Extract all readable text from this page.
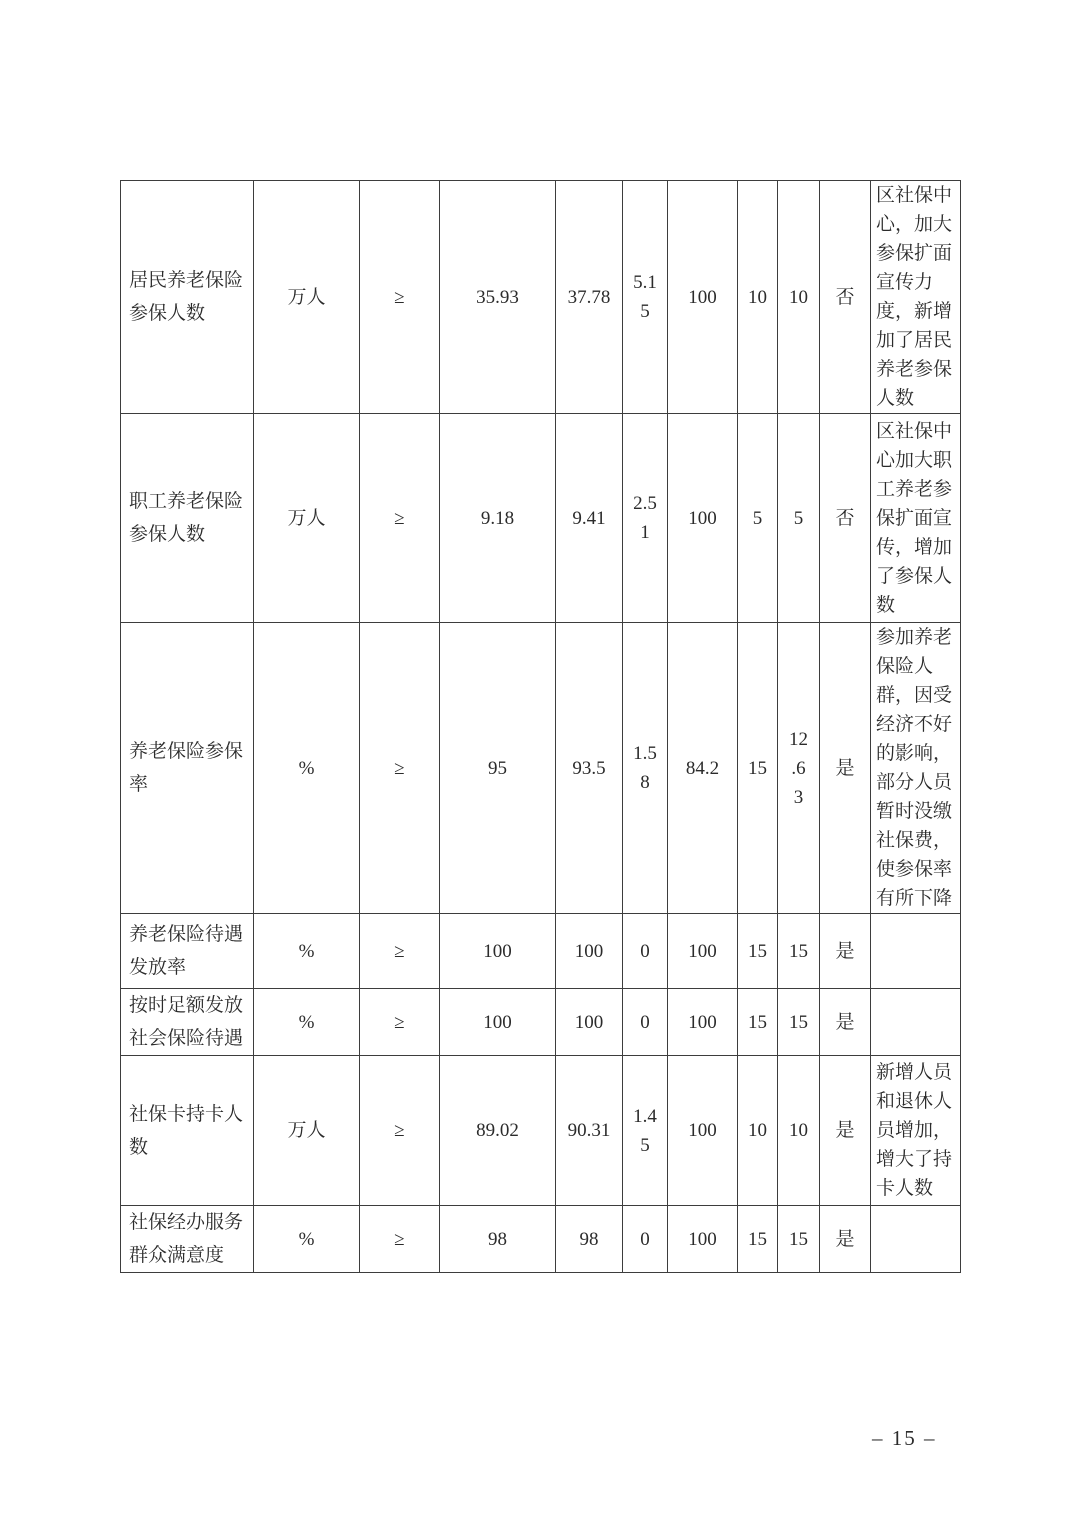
居民养老保险参保人数	万人	≥	35.93	37.78	5.15	100	10	10	否	区社保中心，加大参保扩面宣传力度，新增加了居民养老参保人数
职工养老保险参保人数	万人	≥	9.18	9.41	2.51	100	5	5	否	区社保中心加大职工养老参保扩面宣传，增加了参保人数
养老保险参保率	%	≥	95	93.5	1.58	84.2	15	12.63	是	参加养老保险人群，因受经济不好的影响，部分人员暂时没缴社保费，使参保率有所下降
养老保险待遇发放率	%	≥	100	100	0	100	15	15	是	
按时足额发放社会保险待遇	%	≥	100	100	0	100	15	15	是	
社保卡持卡人数	万人	≥	89.02	90.31	1.45	100	10	10	是	新增人员和退休人员增加，增大了持卡人数
社保经办服务群众满意度	%	≥	98	98	0	100	15	15	是	
– 15 –
